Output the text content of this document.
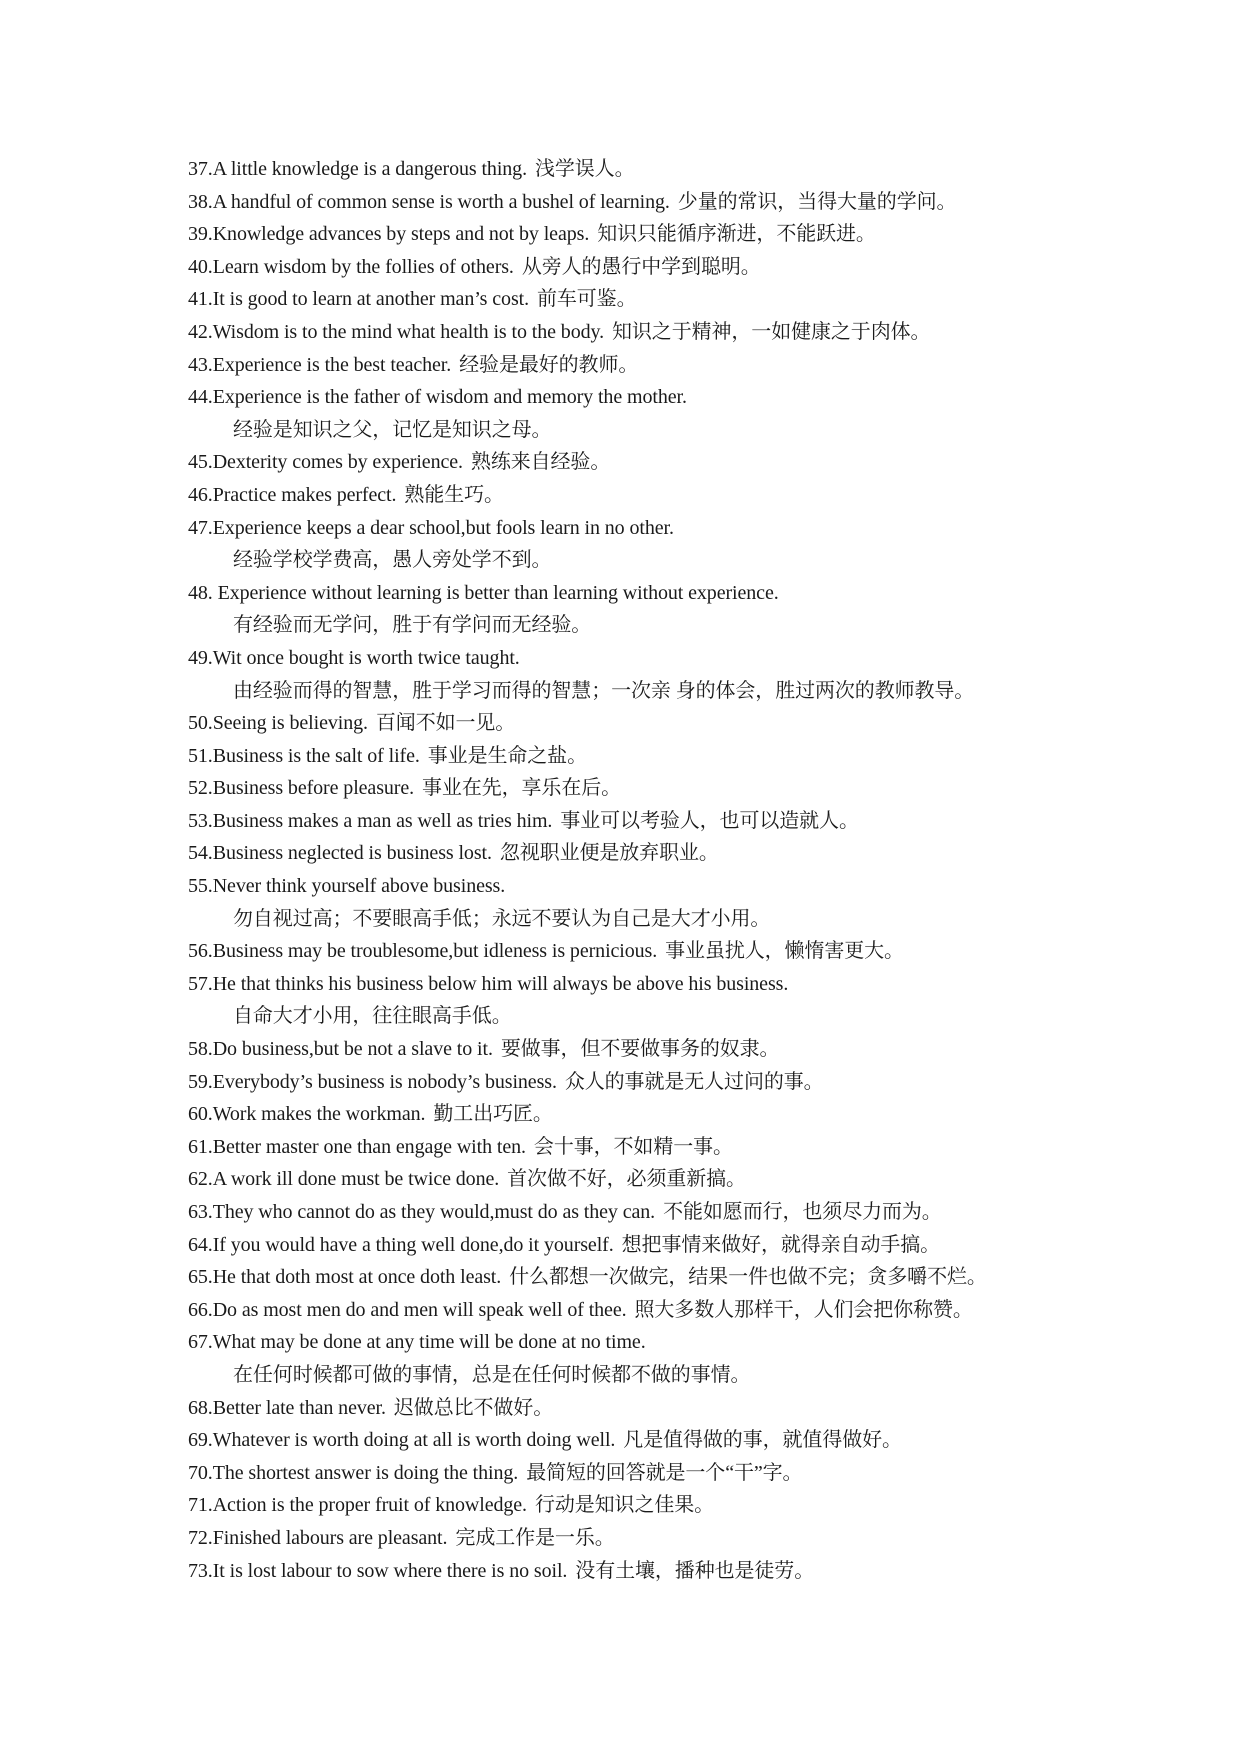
37.A little knowledge is a dangerous thing. 浅学误人。
38.A handful of common sense is worth a bushel of learning. 少量的常识，当得大量的学问。
39.Knowledge advances by steps and not by leaps. 知识只能循序渐进，不能跃进。
40.Learn wisdom by the follies of others. 从旁人的愚行中学到聪明。
41.It is good to learn at another man’s cost. 前车可鉴。
42.Wisdom is to the mind what health is to the body. 知识之于精神，一如健康之于肉体。
43.Experience is the best teacher. 经验是最好的教师。
44.Experience is the father of wisdom and memory the mother.
经验是知识之父，记忆是知识之母。
45.Dexterity comes by experience. 熟练来自经验。
46.Practice makes perfect. 熟能生巧。
47.Experience keeps a dear school,but fools learn in no other.
经验学校学费高，愚人旁处学不到。
48. Experience without learning is better than learning without experience.
有经验而无学问，胜于有学问而无经验。
49.Wit once bought is worth twice taught.
由经验而得的智慧，胜于学习而得的智慧；一次亲 身的体会，胜过两次的教师教导。
50.Seeing is believing. 百闻不如一见。
51.Business is the salt of life. 事业是生命之盐。
52.Business before pleasure. 事业在先，享乐在后。
53.Business makes a man as well as tries him. 事业可以考验人，也可以造就人。
54.Business neglected is business lost. 忽视职业便是放弃职业。
55.Never think yourself above business.
勿自视过高；不要眼高手低；永远不要认为自己是大才小用。
56.Business may be troublesome,but idleness is pernicious. 事业虽扰人，懒惰害更大。
57.He that thinks his business below him will always be above his business.
自命大才小用，往往眼高手低。
58.Do business,but be not a slave to it. 要做事，但不要做事务的奴隶。
59.Everybody’s business is nobody’s business. 众人的事就是无人过问的事。
60.Work makes the workman. 勤工出巧匠。
61.Better master one than engage with ten. 会十事，不如精一事。
62.A work ill done must be twice done. 首次做不好，必须重新搞。
63.They who cannot do as they would,must do as they can. 不能如愿而行，也须尽力而为。
64.If you would have a thing well done,do it yourself. 想把事情来做好，就得亲自动手搞。
65.He that doth most at once doth least. 什么都想一次做完，结果一件也做不完；贪多嚼不烂。
66.Do as most men do and men will speak well of thee. 照大多数人那样干，人们会把你称赞。
67.What may be done at any time will be done at no time.
在任何时候都可做的事情，总是在任何时候都不做的事情。
68.Better late than never. 迟做总比不做好。
69.Whatever is worth doing at all is worth doing well. 凡是值得做的事，就值得做好。
70.The shortest answer is doing the thing. 最简短的回答就是一个“干”字。
71.Action is the proper fruit of knowledge. 行动是知识之佳果。
72.Finished labours are pleasant. 完成工作是一乐。
73.It is lost labour to sow where there is no soil. 没有土壤，播种也是徒劳。
